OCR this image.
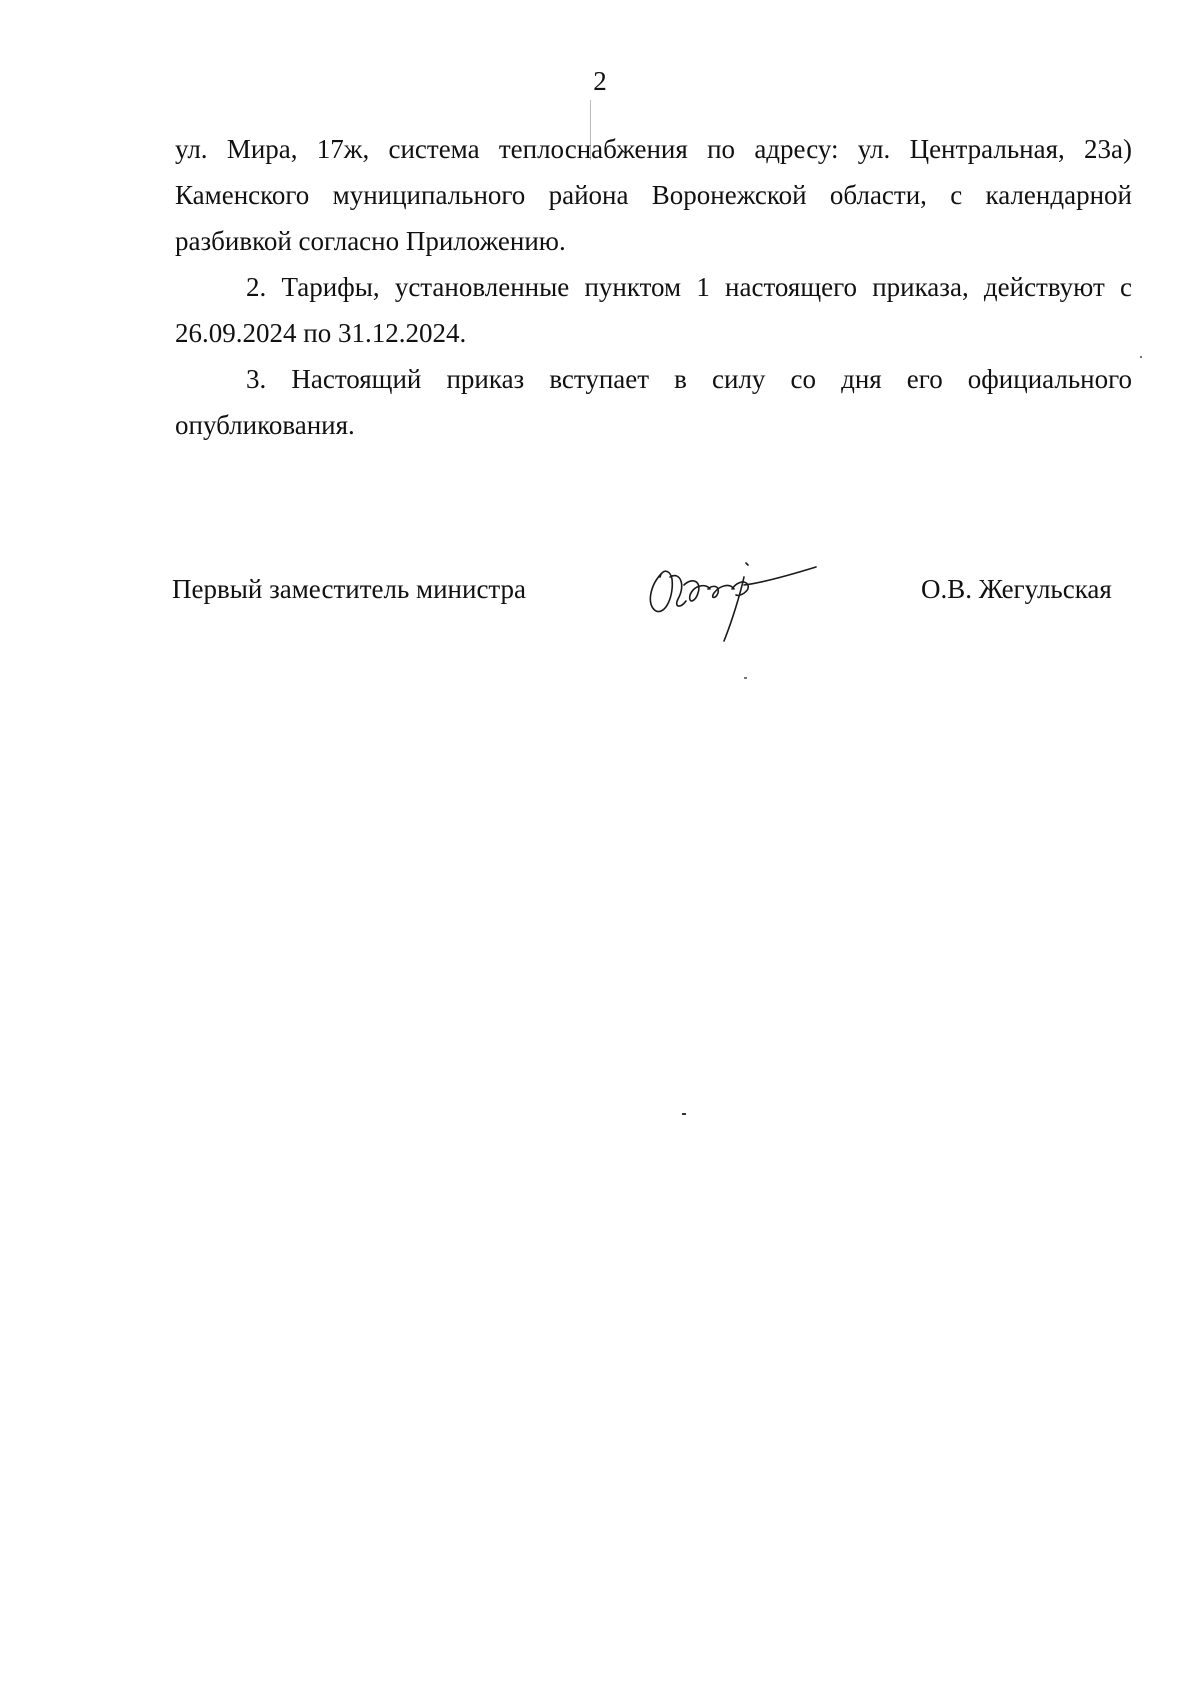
2

ул. Мира, 17ж, система теплоснабжения по адресу: ул. Центральная, 23а) Каменского муниципального района Воронежской области, с календарной разбивкой согласно Приложению.

2. Тарифы, установленные пунктом 1 настоящего приказа, действуют с 26.09.2024 по 31.12.2024.

3. Настоящий приказ вступает в силу со дня его официального опубликования.

Первый заместитель министра	О.В. Жегульская
